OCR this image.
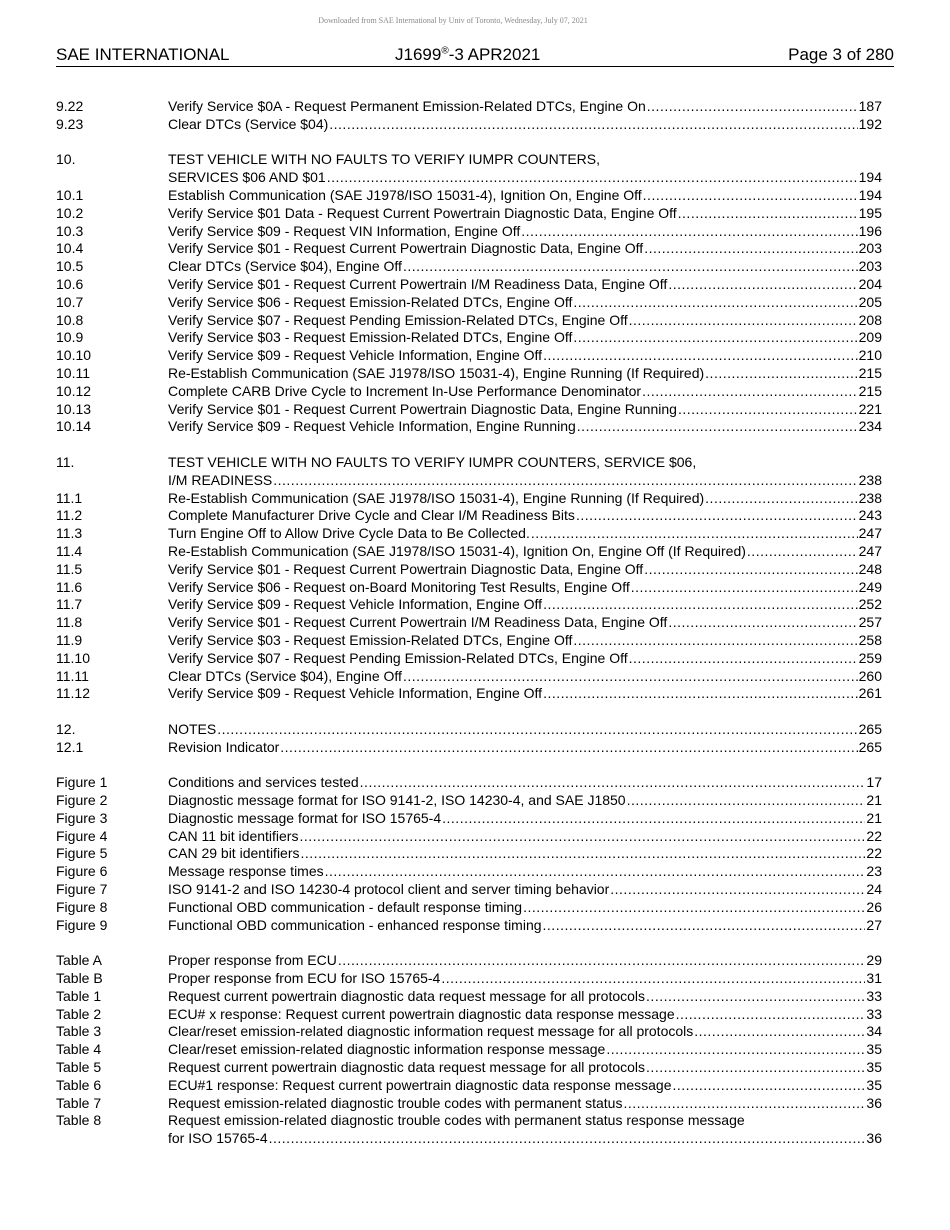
Downloaded from SAE International by Univ of Toronto, Wednesday, July 07, 2021
SAE INTERNATIONAL	J1699®-3 APR2021	Page 3 of 280
9.22	Verify Service $0A - Request Permanent Emission-Related DTCs, Engine On .....	187
9.23	Clear DTCs (Service $04) .....	192
10.	TEST VEHICLE WITH NO FAULTS TO VERIFY IUMPR COUNTERS,
SERVICES $06 AND $01 .....	194
10.1	Establish Communication (SAE J1978/ISO 15031-4), Ignition On, Engine Off .....	194
10.2	Verify Service $01 Data - Request Current Powertrain Diagnostic Data, Engine Off .....	195
10.3	Verify Service $09 - Request VIN Information, Engine Off .....	196
10.4	Verify Service $01 - Request Current Powertrain Diagnostic Data, Engine Off .....	203
10.5	Clear DTCs (Service $04), Engine Off .....	203
10.6	Verify Service $01 - Request Current Powertrain I/M Readiness Data, Engine Off .....	204
10.7	Verify Service $06 - Request Emission-Related DTCs, Engine Off .....	205
10.8	Verify Service $07 - Request Pending Emission-Related DTCs, Engine Off .....	208
10.9	Verify Service $03 - Request Emission-Related DTCs, Engine Off .....	209
10.10	Verify Service $09 - Request Vehicle Information, Engine Off .....	210
10.11	Re-Establish Communication (SAE J1978/ISO 15031-4), Engine Running (If Required) .....	215
10.12	Complete CARB Drive Cycle to Increment In-Use Performance Denominator .....	215
10.13	Verify Service $01 - Request Current Powertrain Diagnostic Data, Engine Running .....	221
10.14	Verify Service $09 - Request Vehicle Information, Engine Running .....	234
11.	TEST VEHICLE WITH NO FAULTS TO VERIFY IUMPR COUNTERS, SERVICE $06,
I/M READINESS .....	238
11.1	Re-Establish Communication (SAE J1978/ISO 15031-4), Engine Running (If Required) .....	238
11.2	Complete Manufacturer Drive Cycle and Clear I/M Readiness Bits .....	243
11.3	Turn Engine Off to Allow Drive Cycle Data to Be Collected. .....	247
11.4	Re-Establish Communication (SAE J1978/ISO 15031-4), Ignition On, Engine Off (If Required) .....	247
11.5	Verify Service $01 - Request Current Powertrain Diagnostic Data, Engine Off .....	248
11.6	Verify Service $06 - Request on-Board Monitoring Test Results, Engine Off .....	249
11.7	Verify Service $09 - Request Vehicle Information, Engine Off .....	252
11.8	Verify Service $01 - Request Current Powertrain I/M Readiness Data, Engine Off .....	257
11.9	Verify Service $03 - Request Emission-Related DTCs, Engine Off .....	258
11.10	Verify Service $07 - Request Pending Emission-Related DTCs, Engine Off .....	259
11.11	Clear DTCs (Service $04), Engine Off .....	260
11.12	Verify Service $09 - Request Vehicle Information, Engine Off .....	261
12.	NOTES .....	265
12.1	Revision Indicator .....	265
Figure 1	Conditions and services tested .....	17
Figure 2	Diagnostic message format for ISO 9141-2, ISO 14230-4, and SAE J1850 .....	21
Figure 3	Diagnostic message format for ISO 15765-4 .....	21
Figure 4	CAN 11 bit identifiers .....	22
Figure 5	CAN 29 bit identifiers .....	22
Figure 6	Message response times .....	23
Figure 7	ISO 9141-2 and ISO 14230-4 protocol client and server timing behavior .....	24
Figure 8	Functional OBD communication - default response timing .....	26
Figure 9	Functional OBD communication - enhanced response timing .....	27
Table A	Proper response from ECU .....	29
Table B	Proper response from ECU for ISO 15765-4 .....	31
Table 1	Request current powertrain diagnostic data request message for all protocols .....	33
Table 2	ECU# x response: Request current powertrain diagnostic data response message .....	33
Table 3	Clear/reset emission-related diagnostic information request message for all protocols .....	34
Table 4	Clear/reset emission-related diagnostic information response message .....	35
Table 5	Request current powertrain diagnostic data request message for all protocols .....	35
Table 6	ECU#1 response: Request current powertrain diagnostic data response message .....	35
Table 7	Request emission-related diagnostic trouble codes with permanent status .....	36
Table 8	Request emission-related diagnostic trouble codes with permanent status response message
for ISO 15765-4 .....	36
